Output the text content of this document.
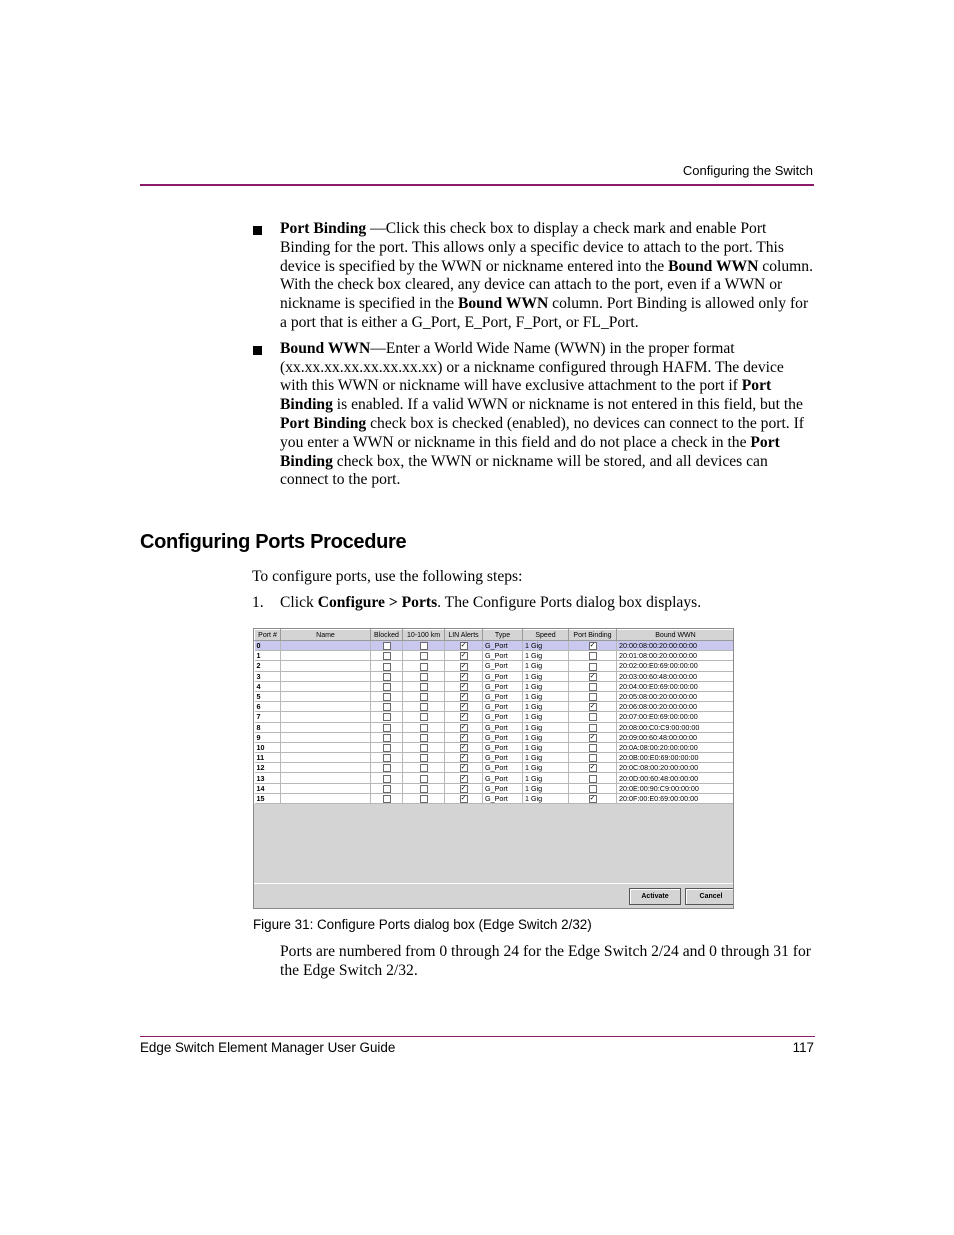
Configuring the Switch
Port Binding —Click this check box to display a check mark and enable Port Binding for the port. This allows only a specific device to attach to the port. This device is specified by the WWN or nickname entered into the Bound WWN column. With the check box cleared, any device can attach to the port, even if a WWN or nickname is specified in the Bound WWN column. Port Binding is allowed only for a port that is either a G_Port, E_Port, F_Port, or FL_Port.
Bound WWN—Enter a World Wide Name (WWN) in the proper format (xx.xx.xx.xx.xx.xx.xx.xx) or a nickname configured through HAFM. The device with this WWN or nickname will have exclusive attachment to the port if Port Binding is enabled. If a valid WWN or nickname is not entered in this field, but the Port Binding check box is checked (enabled), no devices can connect to the port. If you enter a WWN or nickname in this field and do not place a check in the Port Binding check box, the WWN or nickname will be stored, and all devices can connect to the port.
Configuring Ports Procedure
To configure ports, use the following steps:
1. Click Configure > Ports. The Configure Ports dialog box displays.
Port #	Name	Blocked	10-100 km	LIN Alerts	Type	Speed	Port Binding	Bound WWN
0				✓	G_Port	1 Gig	✓	20:00:08:00:20:00:00:00
1				✓	G_Port	1 Gig		20:01:08:00:20:00:00:00
2				✓	G_Port	1 Gig		20:02:00:E0:69:00:00:00
3				✓	G_Port	1 Gig	✓	20:03:00:60:48:00:00:00
4				✓	G_Port	1 Gig		20:04:00:E0:69:00:00:00
5				✓	G_Port	1 Gig		20:05:08:00:20:00:00:00
6				✓	G_Port	1 Gig	✓	20:06:08:00:20:00:00:00
7				✓	G_Port	1 Gig		20:07:00:E0:69:00:00:00
8				✓	G_Port	1 Gig		20:08:00:C0:C9:00:00:00
9				✓	G_Port	1 Gig	✓	20:09:00:60:48:00:00:00
10				✓	G_Port	1 Gig		20:0A:08:00:20:00:00:00
11				✓	G_Port	1 Gig		20:0B:00:E0:69:00:00:00
12				✓	G_Port	1 Gig	✓	20:0C:08:00:20:00:00:00
13				✓	G_Port	1 Gig		20:0D:00:60:48:00:00:00
14				✓	G_Port	1 Gig		20:0E:00:90:C9:00:00:00
15				✓	G_Port	1 Gig	✓	20:0F:00:E0:69:00:00:00
Activate	Cancel
Figure 31: Configure Ports dialog box (Edge Switch 2/32)
Ports are numbered from 0 through 24 for the Edge Switch 2/24 and 0 through 31 for the Edge Switch 2/32.
Edge Switch Element Manager User Guide	117
